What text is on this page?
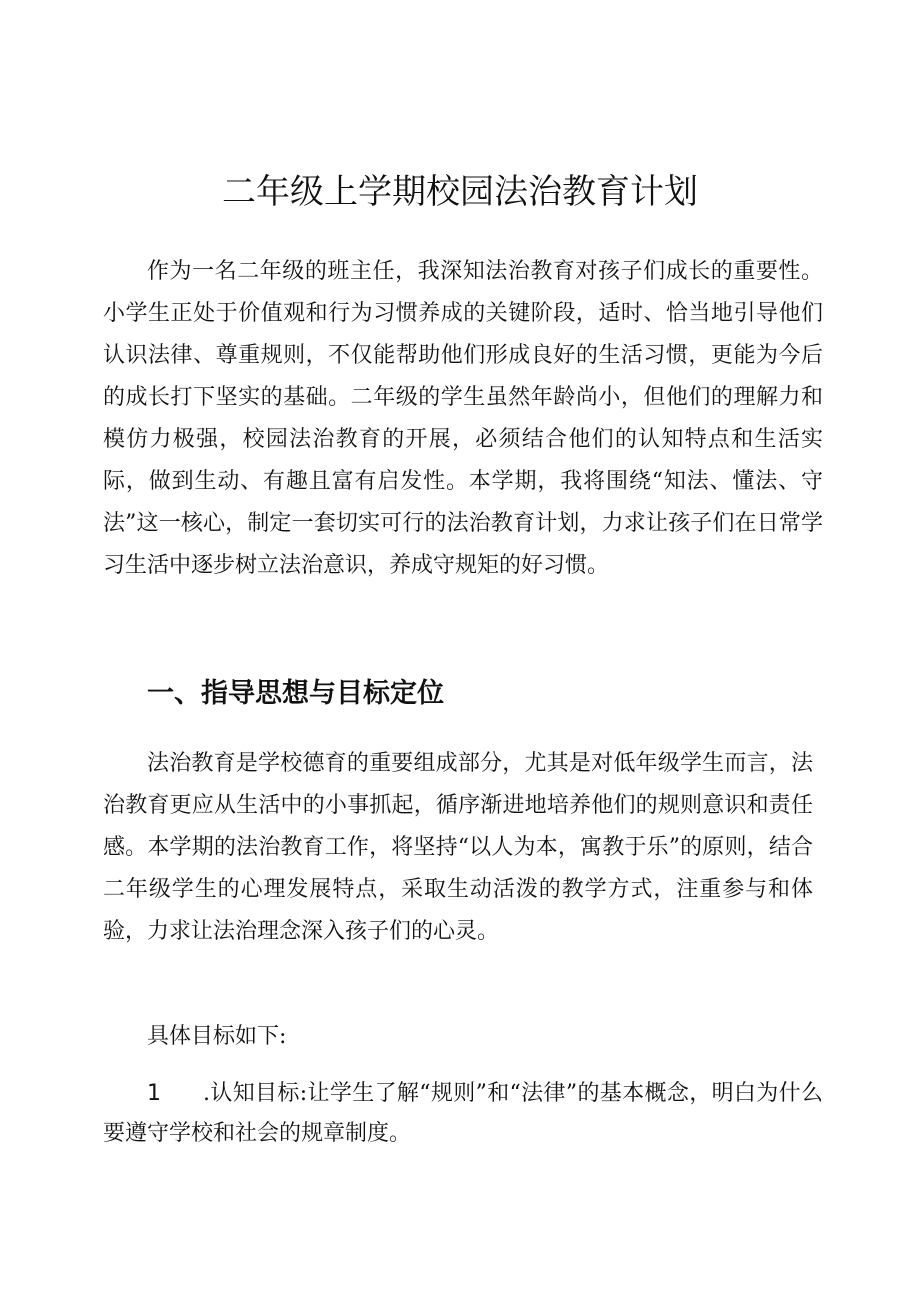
二年级上学期校园法治教育计划

作为一名二年级的班主任，我深知法治教育对孩子们成长的重要性。小学生正处于价值观和行为习惯养成的关键阶段，适时、恰当地引导他们认识法律、尊重规则，不仅能帮助他们形成良好的生活习惯，更能为今后的成长打下坚实的基础。二年级的学生虽然年龄尚小，但他们的理解力和模仿力极强，校园法治教育的开展，必须结合他们的认知特点和生活实际，做到生动、有趣且富有启发性。本学期，我将围绕“知法、懂法、守法”这一核心，制定一套切实可行的法治教育计划，力求让孩子们在日常学习生活中逐步树立法治意识，养成守规矩的好习惯。

一、指导思想与目标定位

法治教育是学校德育的重要组成部分，尤其是对低年级学生而言，法治教育更应从生活中的小事抓起，循序渐进地培养他们的规则意识和责任感。本学期的法治教育工作，将坚持“以人为本，寓教于乐”的原则，结合二年级学生的心理发展特点，采取生动活泼的教学方式，注重参与和体验，力求让法治理念深入孩子们的心灵。

具体目标如下:

1 .认知目标:让学生了解“规则”和“法律”的基本概念，明白为什么要遵守学校和社会的规章制度。
